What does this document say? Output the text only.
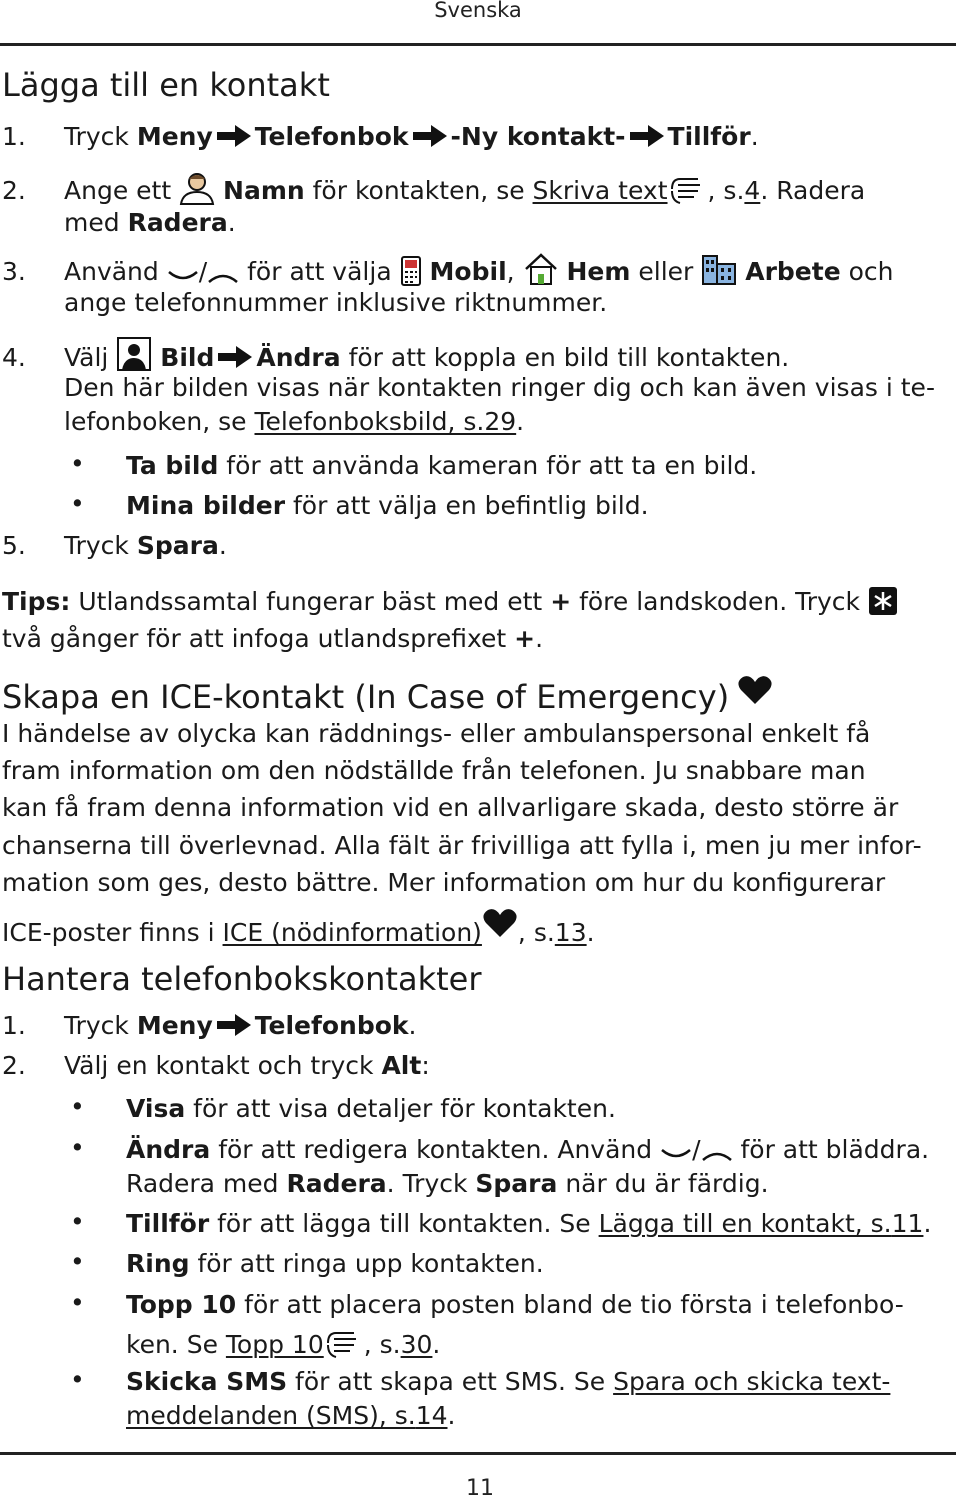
Svenska
Lägga till en kontakt
1. Tryck Meny Telefonbok -Ny kontakt- Tillför.
2. Ange ett
Namn för kontakten, se Skriva text , s.4. Radera
med Radera.
3. Använd
/
för att välja
Mobil, Hem eller
Arbete och
ange telefonnummer inklusive riktnummer.
4. Välj
Bild Ändra för att koppla en bild till kontakten.
Den här bilden visas när kontakten ringer dig och kan även visas i te-
lefonboken, se Telefonboksbild, s.29.
• Ta bild för att använda kameran för att ta en bild.
• Mina bilder för att välja en befintlig bild.
5. Tryck Spara.
Tips: Utlandssamtal fungerar bäst med ett + före landskoden. Tryck
två gånger för att infoga utlandsprefixet +.
Skapa en ICE-kontakt (In Case of Emergency)
I händelse av olycka kan räddnings- eller ambulanspersonal enkelt få
fram information om den nödställde från telefonen. Ju snabbare man
kan få fram denna information vid en allvarligare skada, desto större är
chanserna till överlevnad. Alla fält är frivilliga att fylla i, men ju mer infor-
mation som ges, desto bättre. Mer information om hur du konfigurerar
ICE-poster finns i ICE (nödinformation) , s.13.
Hantera telefonbokskontakter
1. Tryck Meny Telefonbok.
2. Välj en kontakt och tryck Alt:
• Visa för att visa detaljer för kontakten.
• Ändra för att redigera kontakten. Använd
/
för att bläddra.
Radera med Radera. Tryck Spara när du är färdig.
• Tillför för att lägga till kontakten. Se Lägga till en kontakt, s.11.
• Ring för att ringa upp kontakten.
• Topp 10 för att placera posten bland de tio första i telefonbo-
ken. Se Topp 10 , s.30.
• Skicka SMS för att skapa ett SMS. Se Spara och skicka text-
meddelanden (SMS), s.14.
11
